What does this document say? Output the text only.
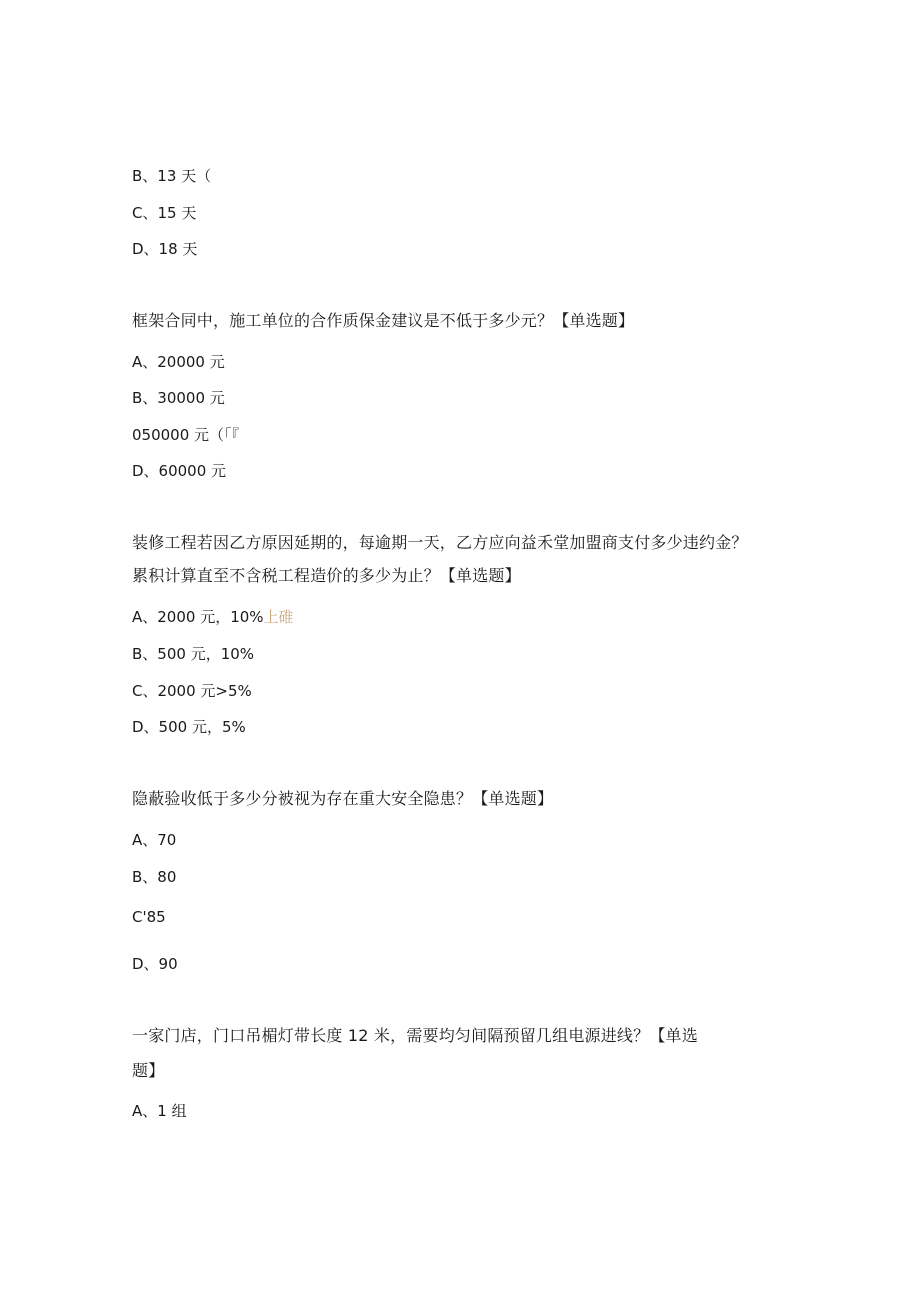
B、13 天（
C、15 天
D、18 天
框架合同中，施工单位的合作质保金建议是不低于多少元？【单选题】
A、20000 元
B、30000 元
050000 元（「『
D、60000 元
装修工程若因乙方原因延期的，每逾期一天，乙方应向益禾堂加盟商支付多少违约金？
累积计算直至不含税工程造价的多少为止？【单选题】
A、2000 元，10%上碓
B、500 元，10%
C、2000 元>5%
D、500 元，5%
隐蔽验收低于多少分被视为存在重大安全隐患？【单选题】
A、70
B、80
C'85
D、90
一家门店，门口吊楣灯带长度 12 米，需要均匀间隔预留几组电源进线？【单选
题】
A、1 组
